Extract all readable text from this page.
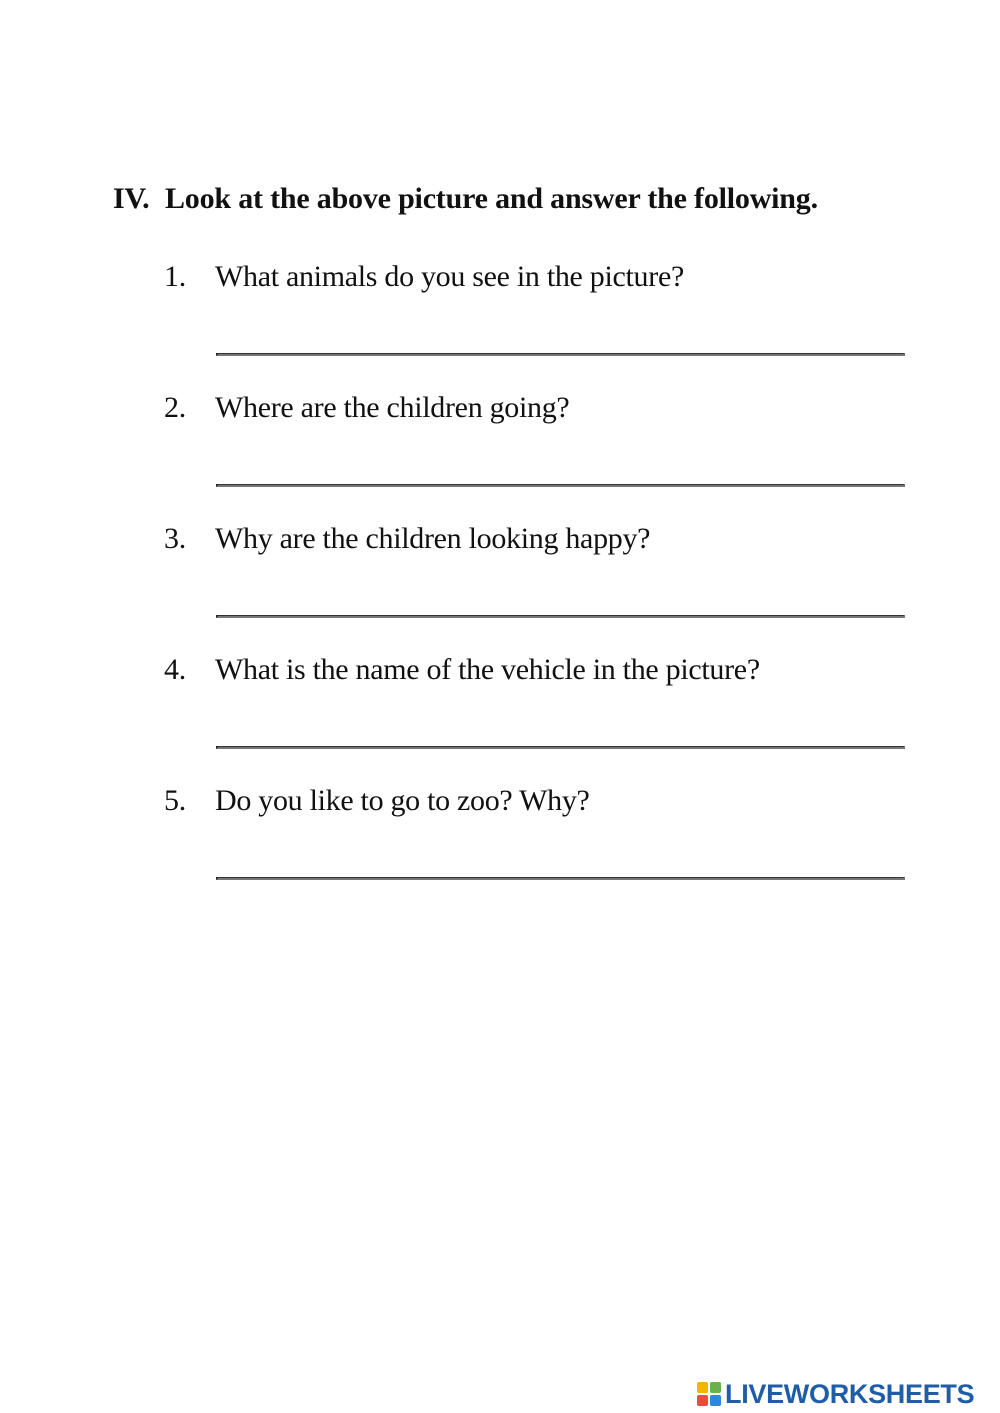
IV. Look at the above picture and answer the following.
1. What animals do you see in the picture?
2. Where are the children going?
3. Why are the children looking happy?
4. What is the name of the vehicle in the picture?
5. Do you like to go to zoo? Why?
LIVEWORKSHEETS
